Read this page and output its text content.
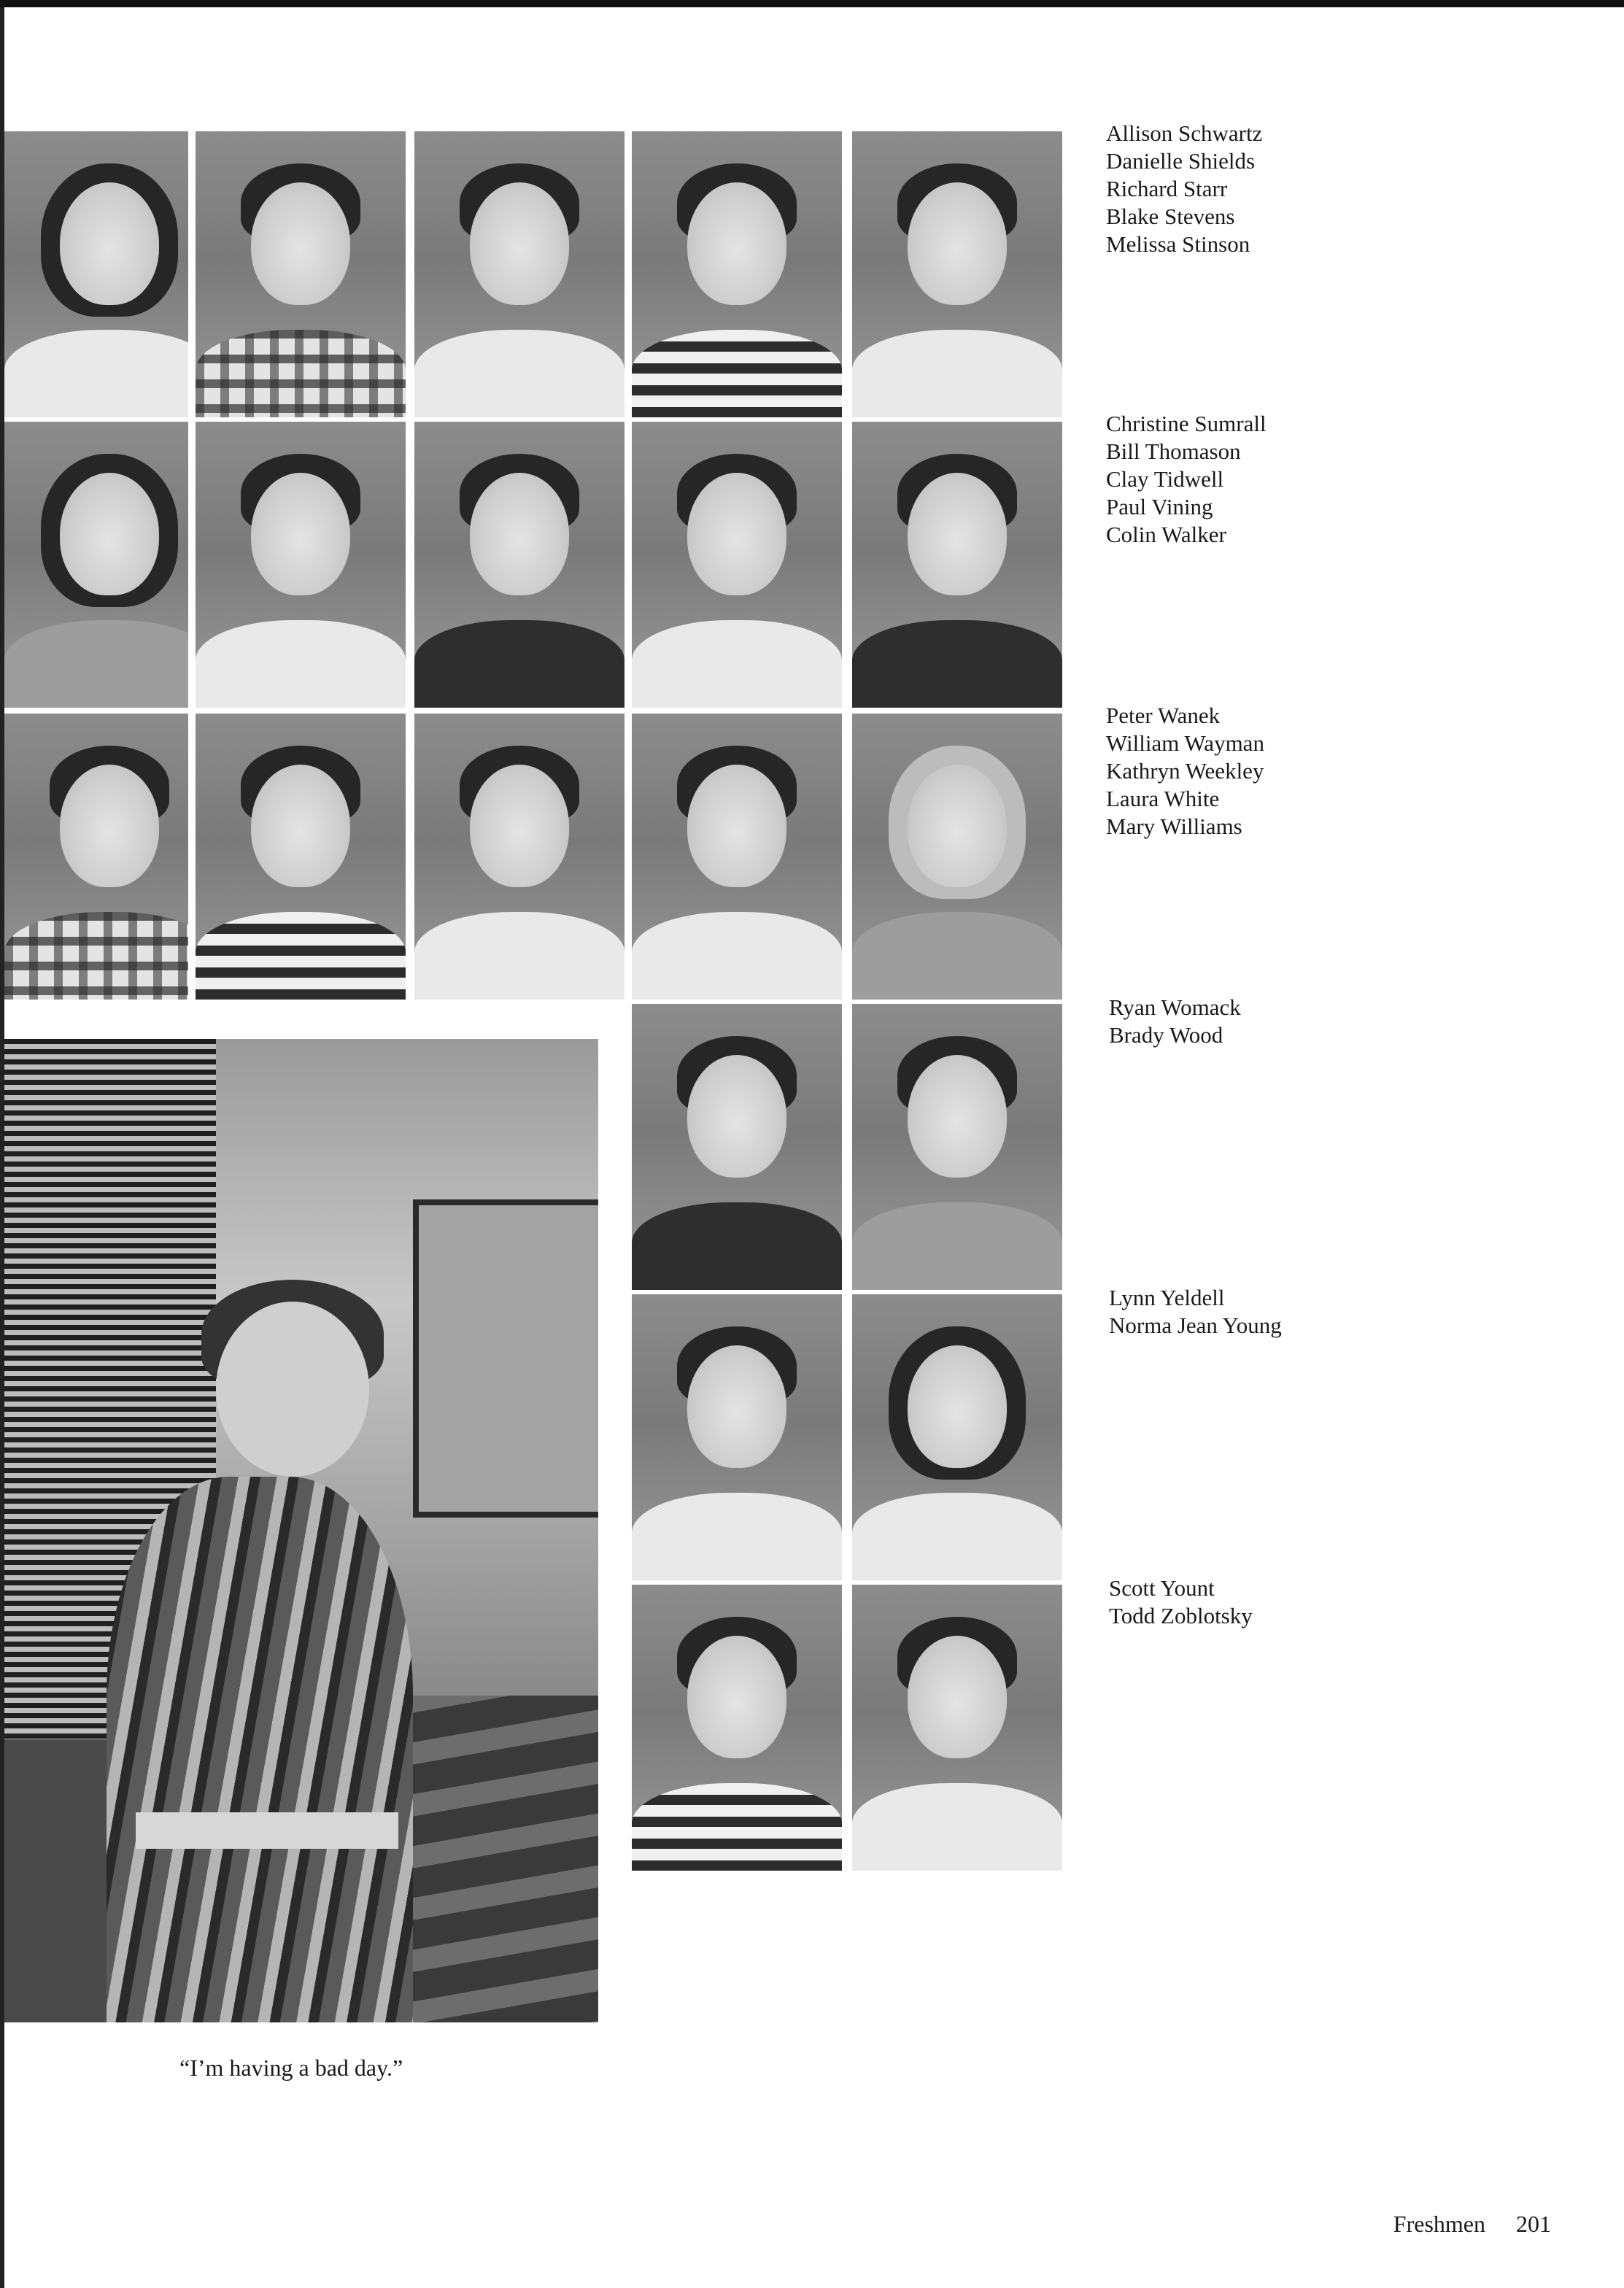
Allison Schwartz
Danielle Shields
Richard Starr
Blake Stevens
Melissa Stinson
Christine Sumrall
Bill Thomason
Clay Tidwell
Paul Vining
Colin Walker
Peter Wanek
William Wayman
Kathryn Weekley
Laura White
Mary Williams
Ryan Womack
Brady Wood
Lynn Yeldell
Norma Jean Young
Scott Yount
Todd Zoblotsky
“I’m having a bad day.”
Freshmen 201
